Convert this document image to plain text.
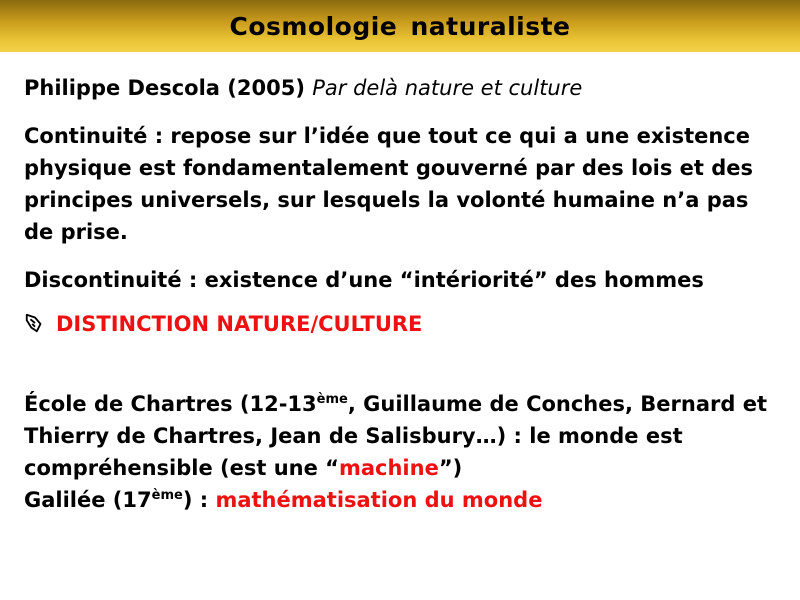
Cosmologie naturaliste

Philippe Descola (2005) Par delà nature et culture

Continuité : repose sur l’idée que tout ce qui a une existence physique est fondamentalement gouverné par des lois et des principes universels, sur lesquels la volonté humaine n’a pas de prise.

Discontinuité : existence d’une “intériorité” des hommes

DISTINCTION NATURE/CULTURE

École de Chartres (12-13ème, Guillaume de Conches, Bernard et Thierry de Chartres, Jean de Salisbury…) : le monde est compréhensible (est une “machine”)

Galilée (17ème) : mathématisation du monde
